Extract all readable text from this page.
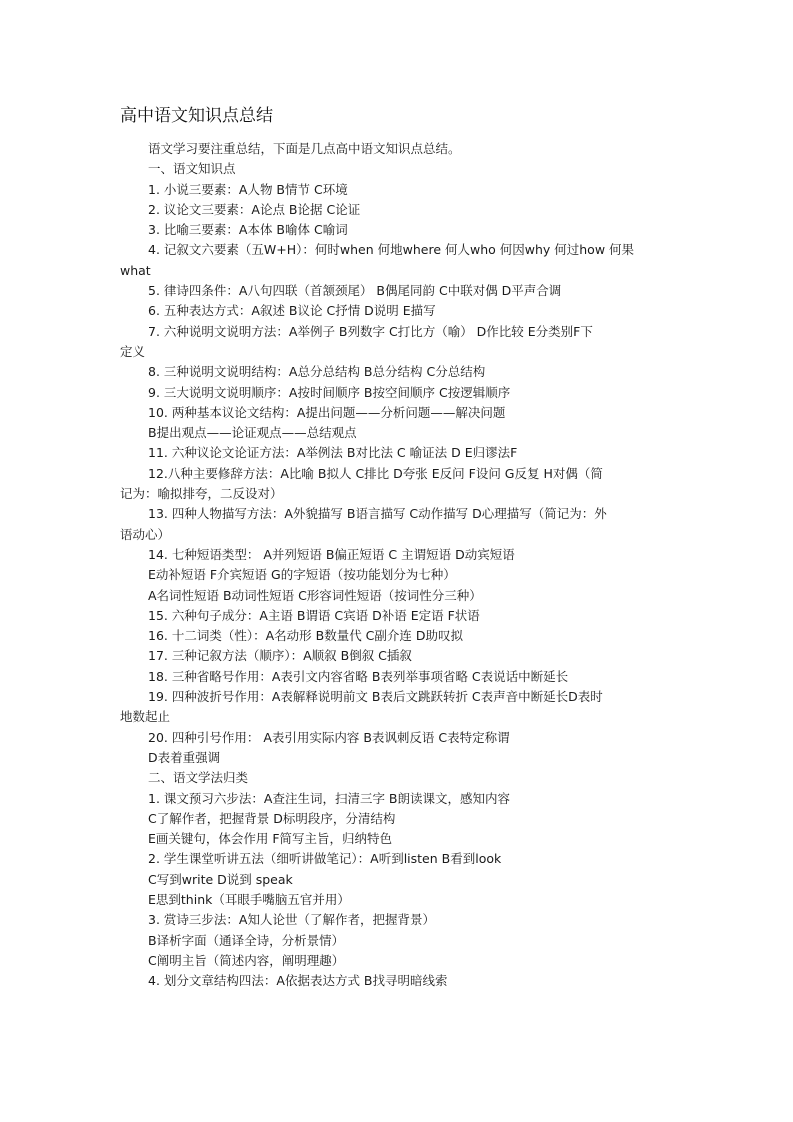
高中语文知识点总结
语文学习要注重总结，下面是几点高中语文知识点总结。
一、语文知识点
1. 小说三要素：A人物 B情节 C环境
2. 议论文三要素：A论点 B论据 C论证
3. 比喻三要素：A本体 B喻体 C喻词
4. 记叙文六要素（五W+H）：何时when 何地where 何人who 何因why 何过how 何果
what
5. 律诗四条件：A八句四联（首颔颈尾） B偶尾同韵 C中联对偶 D平声合调
6. 五种表达方式：A叙述 B议论 C抒情 D说明 E描写
7. 六种说明文说明方法：A举例子 B列数字 C打比方（喻） D作比较 E分类别F下
定义
8. 三种说明文说明结构：A总分总结构 B总分结构 C分总结构
9. 三大说明文说明顺序：A按时间顺序 B按空间顺序 C按逻辑顺序
10. 两种基本议论文结构：A提出问题——分析问题——解决问题
B提出观点——论证观点——总结观点
11. 六种议论文论证方法：A举例法 B对比法 C 喻证法 D E归谬法F
12.八种主要修辞方法：A比喻 B拟人 C排比 D夸张 E反问 F设问 G反复 H对偶（简
记为：喻拟排夸，二反设对）
13. 四种人物描写方法：A外貌描写 B语言描写 C动作描写 D心理描写（简记为：外
语动心）
14. 七种短语类型： A并列短语 B偏正短语 C 主谓短语 D动宾短语
E动补短语 F介宾短语 G的字短语（按功能划分为七种）
A名词性短语 B动词性短语 C形容词性短语（按词性分三种）
15. 六种句子成分：A主语 B谓语 C宾语 D补语 E定语 F状语
16. 十二词类（性）：A名动形 B数量代 C副介连 D助叹拟
17. 三种记叙方法（顺序）：A顺叙 B倒叙 C插叙
18. 三种省略号作用：A表引文内容省略 B表列举事项省略 C表说话中断延长
19. 四种波折号作用：A表解释说明前文 B表后文跳跃转折 C表声音中断延长D表时
地数起止
20. 四种引号作用： A表引用实际内容 B表讽刺反语 C表特定称谓
D表着重强调
二、语文学法归类
1. 课文预习六步法：A查注生词，扫清三字 B朗读课文，感知内容
C了解作者，把握背景 D标明段序，分清结构
E画关键句，体会作用 F简写主旨，归纳特色
2. 学生课堂听讲五法（细听讲做笔记）：A听到listen B看到look
C写到write D说到 speak
E思到think（耳眼手嘴脑五官并用）
3. 赏诗三步法：A知人论世（了解作者，把握背景）
B译析字面（通译全诗，分析景情）
C阐明主旨（简述内容，阐明理趣）
4. 划分文章结构四法：A依据表达方式 B找寻明暗线索
